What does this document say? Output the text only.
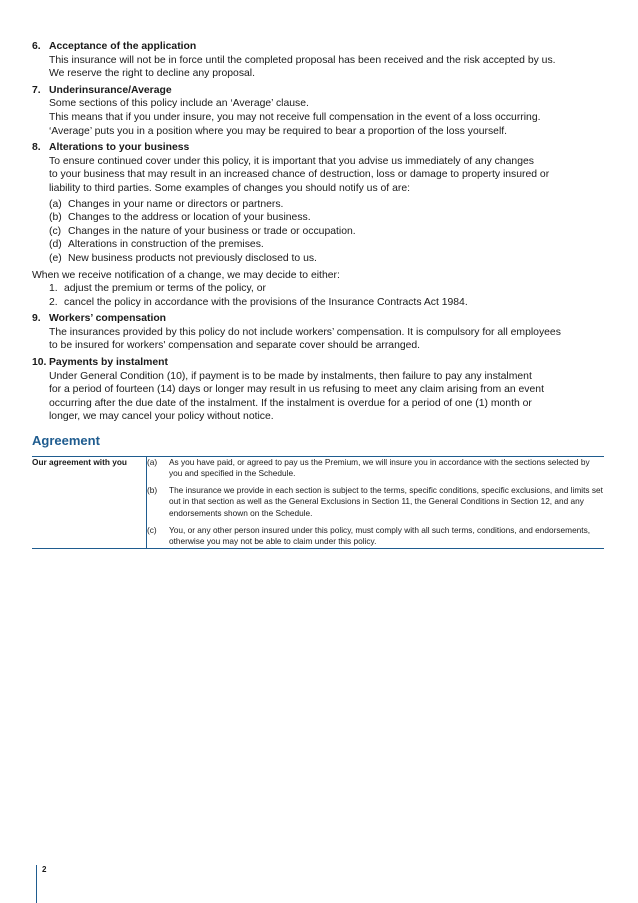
6. Acceptance of the application
This insurance will not be in force until the completed proposal has been received and the risk accepted by us.
We reserve the right to decline any proposal.
7. Underinsurance/Average
Some sections of this policy include an ‘Average’ clause.
This means that if you under insure, you may not receive full compensation in the event of a loss occurring.
‘Average’ puts you in a position where you may be required to bear a proportion of the loss yourself.
8. Alterations to your business
To ensure continued cover under this policy, it is important that you advise us immediately of any changes
to your business that may result in an increased chance of destruction, loss or damage to property insured or
liability to third parties. Some examples of changes you should notify us of are:
(a) Changes in your name or directors or partners.
(b) Changes to the address or location of your business.
(c) Changes in the nature of your business or trade or occupation.
(d) Alterations in construction of the premises.
(e) New business products not previously disclosed to us.
When we receive notification of a change, we may decide to either:
1. adjust the premium or terms of the policy, or
2. cancel the policy in accordance with the provisions of the Insurance Contracts Act 1984.
9. Workers’ compensation
The insurances provided by this policy do not include workers’ compensation. It is compulsory for all employees
to be insured for workers' compensation and separate cover should be arranged.
10. Payments by instalment
Under General Condition (10), if payment is to be made by instalments, then failure to pay any instalment
for a period of fourteen (14) days or longer may result in us refusing to meet any claim arising from an event
occurring after the due date of the instalment. If the instalment is overdue for a period of one (1) month or
longer, we may cancel your policy without notice.
Agreement
Our agreement with you	(a)	As you have paid, or agreed to pay us the Premium, we will insure you in accordance with the sections selected by you and specified in the Schedule.
(b)	The insurance we provide in each section is subject to the terms, specific conditions, specific exclusions, and limits set out in that section as well as the General Exclusions in Section 11, the General Conditions in Section 12, and any endorsements shown on the Schedule.
(c)	You, or any other person insured under this policy, must comply with all such terms, conditions, and endorsements, otherwise you may not be able to claim under this policy.
2
